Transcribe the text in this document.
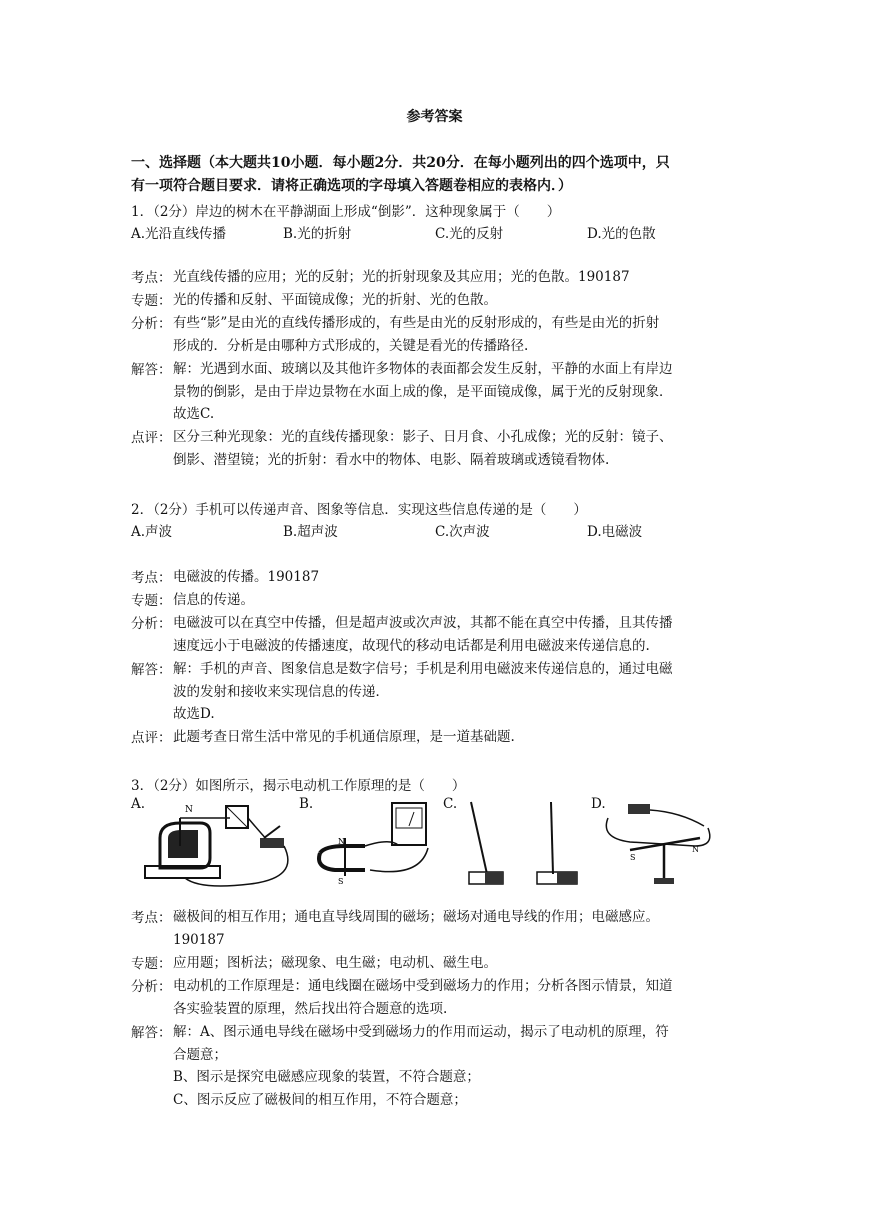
参考答案
一、选择题（本大题共10小题．每小题2分．共20分．在每小题列出的四个选项中，只
有一项符合题目要求．请将正确选项的字母填入答题卷相应的表格内．）
1．（2分）岸边的树木在平静湖面上形成“倒影”．这种现象属于（　　）
A.光沿直线传播	B.光的折射	C.光的反射	D.光的色散
考点： 光直线传播的应用；光的反射；光的折射现象及其应用；光的色散。190187

专题： 光的传播和反射、平面镜成像；光的折射、光的色散。

分析： 有些“影”是由光的直线传播形成的，有些是由光的反射形成的，有些是由光的折射

形成的．分析是由哪种方式形成的，关键是看光的传播路径.

解答： 解：光遇到水面、玻璃以及其他许多物体的表面都会发生反射，平静的水面上有岸边

景物的倒影，是由于岸边景物在水面上成的像，是平面镜成像，属于光的反射现象．

故选C.

点评： 区分三种光现象：光的直线传播现象：影子、日月食、小孔成像；光的反射：镜子、

倒影、潜望镜；光的折射：看水中的物体、电影、隔着玻璃或透镜看物体.

2．（2分）手机可以传递声音、图象等信息．实现这些信息传递的是（　　）
A.声波	B.超声波	C.次声波	D.电磁波
考点： 电磁波的传播。190187

专题： 信息的传递。

分析： 电磁波可以在真空中传播，但是超声波或次声波，其都不能在真空中传播，且其传播

速度远小于电磁波的传播速度，故现代的移动电话都是利用电磁波来传递信息的.

解答： 解：手机的声音、图象信息是数字信号；手机是利用电磁波来传递信息的，通过电磁

波的发射和接收来实现信息的传递．

故选D.

点评： 此题考查日常生活中常见的手机通信原理，是一道基础题.

3．（2分）如图所示，揭示电动机工作原理的是（　　）
A.	B.	C.	D.
N
N
S
S
N
考点： 磁极间的相互作用；通电直导线周围的磁场；磁场对通电导线的作用；电磁感应。

190187

专题： 应用题；图析法；磁现象、电生磁；电动机、磁生电。

分析： 电动机的工作原理是：通电线圈在磁场中受到磁场力的作用；分析各图示情景，知道

各实验装置的原理，然后找出符合题意的选项.

解答： 解：A、图示通电导线在磁场中受到磁场力的作用而运动，揭示了电动机的原理，符

合题意；

B、图示是探究电磁感应现象的装置，不符合题意；

C、图示反应了磁极间的相互作用，不符合题意；
